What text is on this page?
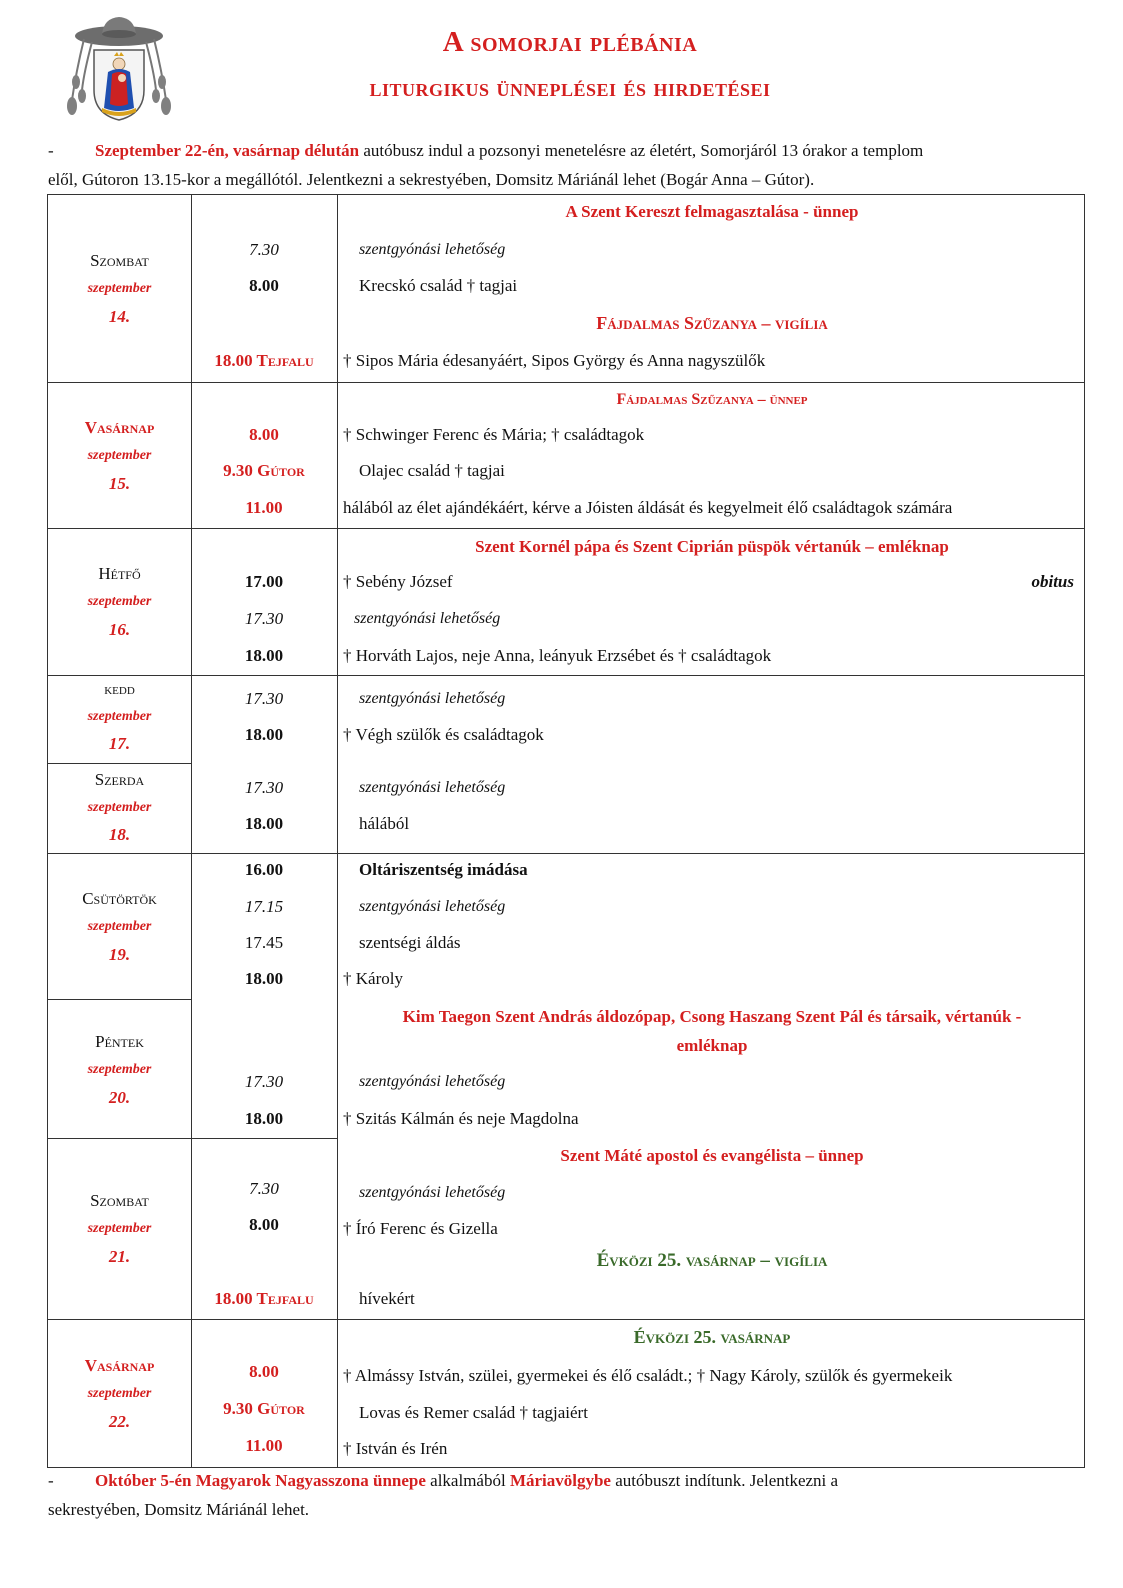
A somorjai plébánia
liturgikus ünneplései és hirdetései
- Szeptember 22-én, vasárnap délután autóbusz indul a pozsonyi menetelésre az életért, Somorjáról 13 órakor a templom
elől, Gútoron 13.15-kor a megállótól. Jelentkezni a sekrestyében, Domsitz Máriánál lehet (Bogár Anna – Gútor).
Szombat
szeptember
14.
A Szent Kereszt felmagasztalása - ünnep
7.30	szentgyónási lehetőség
8.00	Krecskó család † tagjai
Fájdalmas Szűzanya – vigília
18.00 Tejfalu	† Sipos Mária édesanyáért, Sipos György és Anna nagyszülők
Vasárnap
szeptember
15.
Fájdalmas Szűzanya – ünnep
8.00	† Schwinger Ferenc és Mária; † családtagok
9.30 Gútor	Olajec család † tagjai
11.00	hálából az élet ajándékáért, kérve a Jóisten áldását és kegyelmeit élő családtagok számára
Hétfő
szeptember
16.
Szent Kornél pápa és Szent Ciprián püspök vértanúk – emléknap
17.00	† Sebény József	obitus
17.30	szentgyónási lehetőség
18.00	† Horváth Lajos, neje Anna, leányuk Erzsébet és † családtagok
kedd
szeptember
17.
17.30	szentgyónási lehetőség
18.00	† Végh szülők és családtagok
Szerda
szeptember
18.
17.30	szentgyónási lehetőség
18.00	hálából
Csütörtök
szeptember
19.
16.00	Oltáriszentség imádása
17.15	szentgyónási lehetőség
17.45	szentségi áldás
18.00	† Károly
Péntek
szeptember
20.
Kim Taegon Szent András áldozópap, Csong Haszang Szent Pál és társaik, vértanúk -
emléknap
17.30	szentgyónási lehetőség
18.00	† Szitás Kálmán és neje Magdolna
Szombat
szeptember
21.
Szent Máté apostol és evangélista – ünnep
7.30	szentgyónási lehetőség
8.00	† Író Ferenc és Gizella
Évközi 25. vasárnap – vigília
18.00 Tejfalu	hívekért
Vasárnap
szeptember
22.
Évközi 25. vasárnap
8.00	† Almássy István, szülei, gyermekei és élő családt.; † Nagy Károly, szülők és gyermekeik
9.30 Gútor	Lovas és Remer család † tagjaiért
11.00	† István és Irén
- Október 5-én Magyarok Nagyasszona ünnepe alkalmából Máriavölgybe autóbuszt indítunk. Jelentkezni a
sekrestyében, Domsitz Máriánál lehet.
